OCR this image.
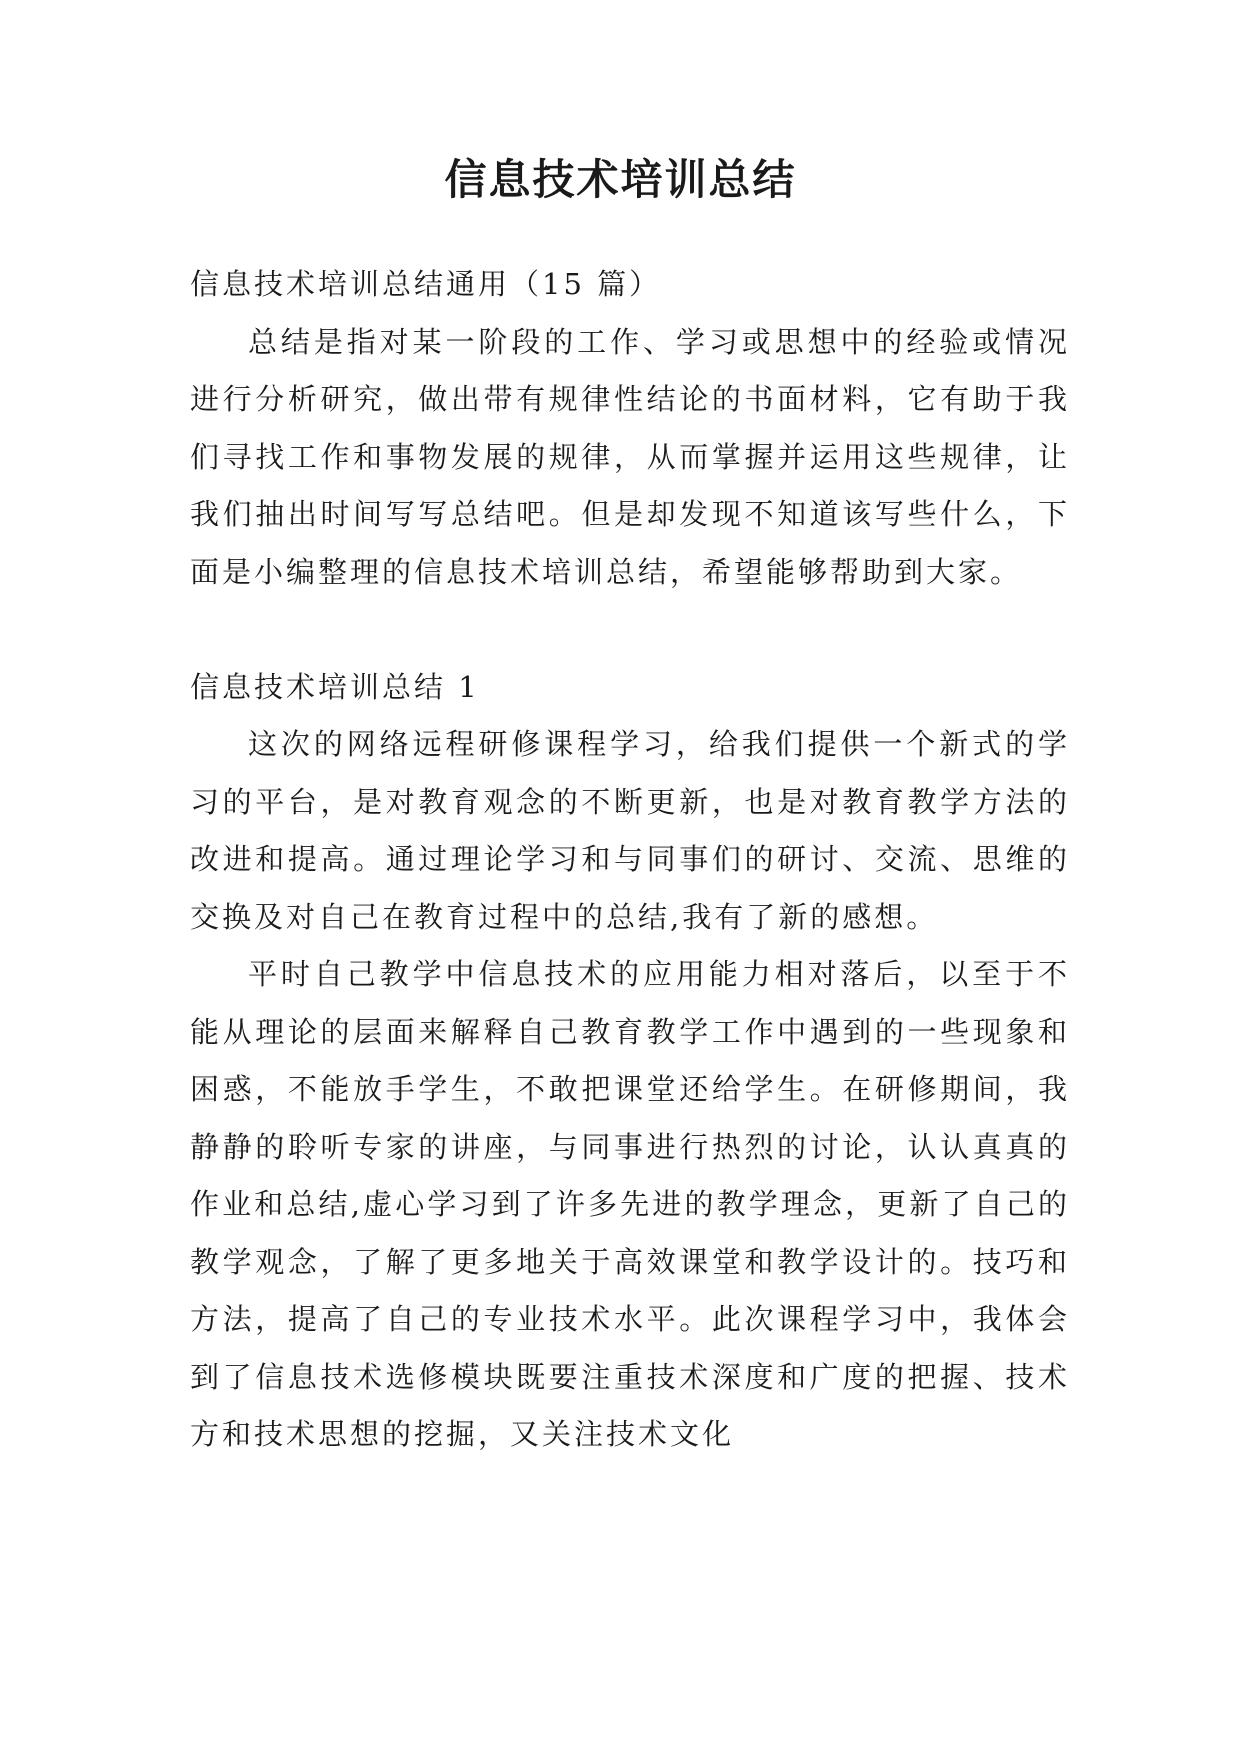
信息技术培训总结

信息技术培训总结通用（15 篇）

总结是指对某一阶段的工作、学习或思想中的经验或情况进行分析研究，做出带有规律性结论的书面材料，它有助于我们寻找工作和事物发展的规律，从而掌握并运用这些规律，让我们抽出时间写写总结吧。但是却发现不知道该写些什么，下面是小编整理的信息技术培训总结，希望能够帮助到大家。

信息技术培训总结 1

这次的网络远程研修课程学习，给我们提供一个新式的学习的平台，是对教育观念的不断更新，也是对教育教学方法的改进和提高。通过理论学习和与同事们的研讨、交流、思维的交换及对自己在教育过程中的总结,我有了新的感想。

平时自己教学中信息技术的应用能力相对落后，以至于不能从理论的层面来解释自己教育教学工作中遇到的一些现象和困惑，不能放手学生，不敢把课堂还给学生。在研修期间，我静静的聆听专家的讲座，与同事进行热烈的讨论，认认真真的作业和总结,虚心学习到了许多先进的教学理念，更新了自己的教学观念，了解了更多地关于高效课堂和教学设计的。技巧和方法，提高了自己的专业技术水平。此次课程学习中，我体会到了信息技术选修模块既要注重技术深度和广度的把握、技术方和技术思想的挖掘，又关注技术文化
